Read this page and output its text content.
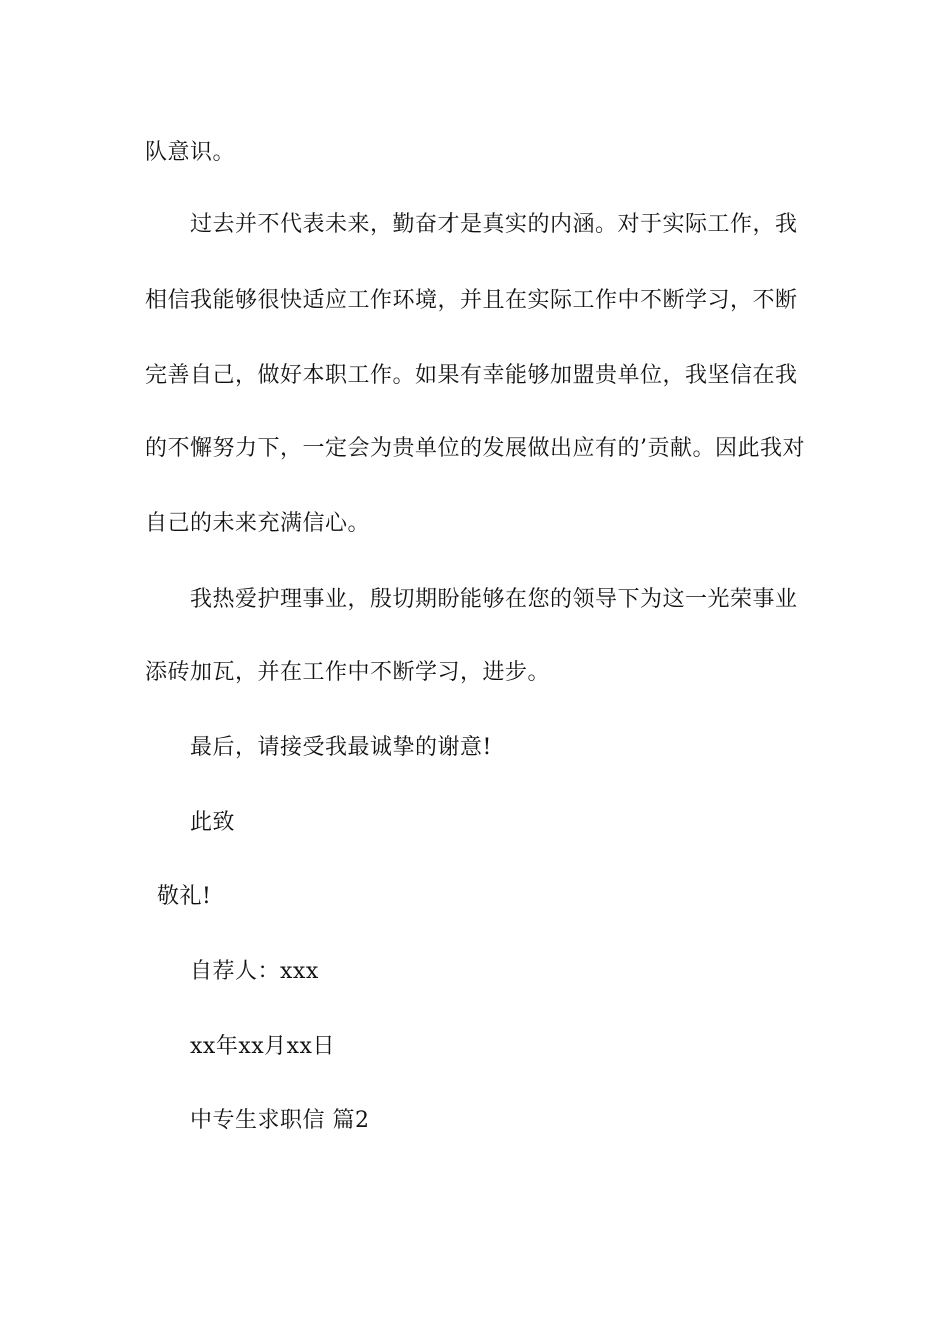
队意识。
过去并不代表未来，勤奋才是真实的内涵。对于实际工作，我
相信我能够很快适应工作环境，并且在实际工作中不断学习，不断
完善自己，做好本职工作。如果有幸能够加盟贵单位，我坚信在我
的不懈努力下，一定会为贵单位的发展做出应有的’贡献。因此我对
自己的未来充满信心。
我热爱护理事业，殷切期盼能够在您的领导下为这一光荣事业
添砖加瓦，并在工作中不断学习，进步。
最后，请接受我最诚挚的谢意!
此致
敬礼!
自荐人：xxx
xx年xx月xx日
中专生求职信 篇2
